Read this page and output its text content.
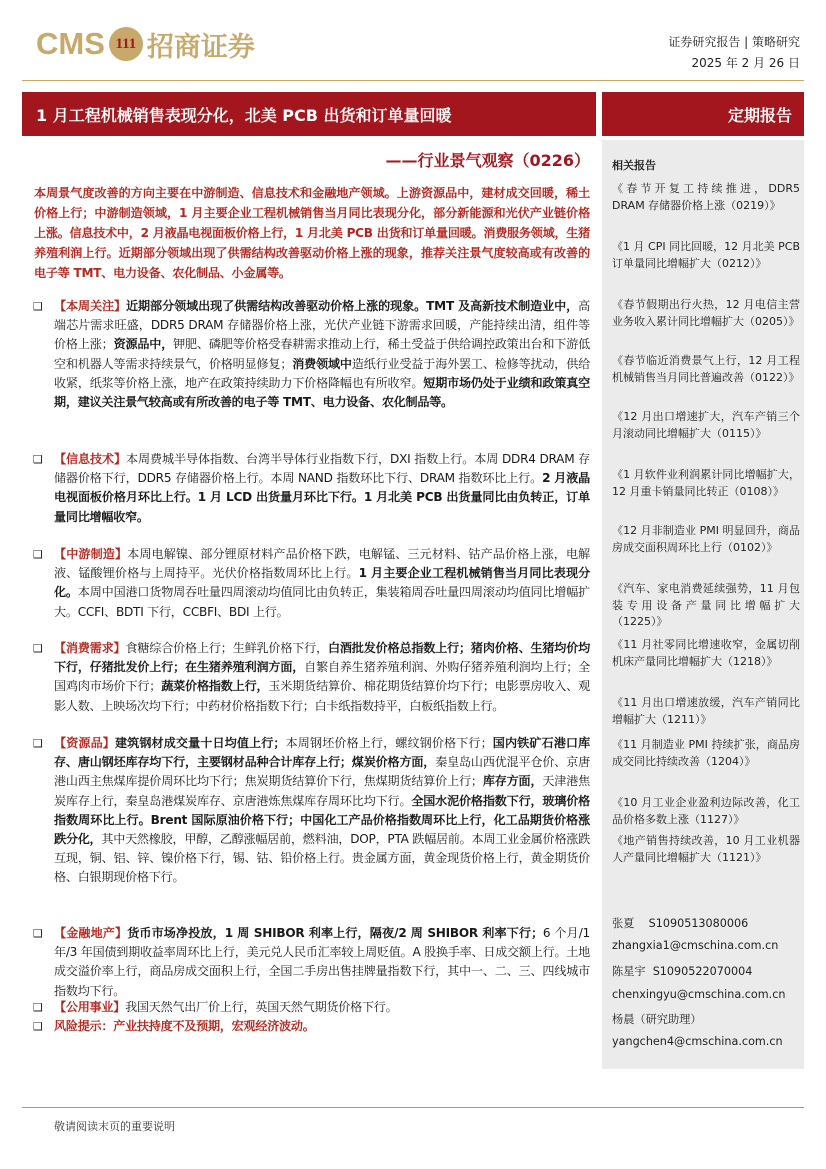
CMS 111 招商证券	证券研究报告 | 策略研究
2025 年 2 月 26 日
1 月工程机械销售表现分化，北美 PCB 出货和订单量回暖	定期报告
——行业景气观察（0226） 相关报告
《春节开复工持续推进，DDR5 DRAM 存储器价格上涨（0219）》
《1 月 CPI 同比回暖，12 月北美 PCB 订单量同比增幅扩大（0212）》
《春节假期出行火热，12 月电信主营业务收入累计同比增幅扩大（0205）》
《春节临近消费景气上行，12 月工程机械销售当月同比普遍改善（0122）》
《12 月出口增速扩大，汽车产销三个月滚动同比增幅扩大（0115）》
《1 月软件业利润累计同比增幅扩大，12 月重卡销量同比转正（0108）》
《12 月非制造业 PMI 明显回升，商品房成交面积周环比上行（0102）》
《汽车、家电消费延续强势，11 月包装专用设备产量同比增幅扩大（1225）》
《11 月社零同比增速收窄，金属切削机床产量同比增幅扩大（1218）》
《11 月出口增速放缓，汽车产销同比增幅扩大（1211）》
《11 月制造业 PMI 持续扩张，商品房成交同比持续改善（1204）》
《10 月工业企业盈利边际改善，化工品价格多数上涨（1127）》
《地产销售持续改善，10 月工业机器人产量同比增幅扩大（1121）》
张夏 S1090513080006
zhangxia1@cmschina.com.cn
陈星宇 S1090522070004
chenxingyu@cmschina.com.cn
杨晨（研究助理）
yangchen4@cmschina.com.cn
本周景气度改善的方向主要在中游制造、信息技术和金融地产领域。上游资源品中，建材成交回暖，稀土价格上行；中游制造领域，1 月主要企业工程机械销售当月同比表现分化，部分新能源和光伏产业链价格上涨。信息技术中，2 月液晶电视面板价格上行，1 月北美 PCB 出货和订单量回暖。消费服务领域，生猪养殖利润上行。近期部分领域出现了供需结构改善驱动价格上涨的现象，推荐关注景气度较高或有改善的电子等 TMT、电力设备、农化制品、小金属等。
❑ 【本周关注】近期部分领域出现了供需结构改善驱动价格上涨的现象。TMT 及高新技术制造业中，高端芯片需求旺盛，DDR5 DRAM 存储器价格上涨，光伏产业链下游需求回暖，产能持续出清，组件等价格上涨；资源品中，钾肥、磷肥等价格受春耕需求推动上行，稀土受益于供给调控政策出台和下游低空和机器人等需求持续景气，价格明显修复；消费领域中造纸行业受益于海外罢工、检修等扰动，供给收紧，纸浆等价格上涨，地产在政策持续助力下价格降幅也有所收窄。短期市场仍处于业绩和政策真空期，建议关注景气较高或有所改善的电子等 TMT、电力设备、农化制品等。
❑ 【信息技术】本周费城半导体指数、台湾半导体行业指数下行，DXI 指数上行。本周 DDR4 DRAM 存储器价格下行，DDR5 存储器价格上行。本周 NAND 指数环比下行、DRAM 指数环比上行。2 月液晶电视面板价格月环比上行。1 月 LCD 出货量月环比下行。1 月北美 PCB 出货量同比由负转正，订单量同比增幅收窄。
❑ 【中游制造】本周电解镍、部分锂原材料产品价格下跌，电解锰、三元材料、钴产品价格上涨，电解液、锰酸锂价格与上周持平。光伏价格指数周环比上行。1 月主要企业工程机械销售当月同比表现分化。本周中国港口货物周吞吐量四周滚动均值同比由负转正，集装箱周吞吐量四周滚动均值同比增幅扩大。CCFI、BDTI 下行，CCBFI、BDI 上行。
❑ 【消费需求】食糖综合价格上行；生鲜乳价格下行，白酒批发价格总指数上行；猪肉价格、生猪均价均下行，仔猪批发价上行；在生猪养殖利润方面，自繁自养生猪养殖利润、外购仔猪养殖利润均上行；全国鸡肉市场价下行；蔬菜价格指数上行，玉米期货结算价、棉花期货结算价均下行；电影票房收入、观影人数、上映场次均下行；中药材价格指数下行；白卡纸指数持平，白板纸指数上行。
❑ 【资源品】建筑钢材成交量十日均值上行；本周钢坯价格上行，螺纹钢价格下行；国内铁矿石港口库存、唐山钢坯库存均下行，主要钢材品种合计库存上行；煤炭价格方面，秦皇岛山西优混平仓价、京唐港山西主焦煤库提价周环比均下行；焦炭期货结算价下行，焦煤期货结算价上行；库存方面，天津港焦炭库存上行，秦皇岛港煤炭库存、京唐港炼焦煤库存周环比均下行。全国水泥价格指数下行，玻璃价格指数周环比上行。Brent 国际原油价格下行；中国化工产品价格指数周环比上行，化工品期货价格涨跌分化，其中天然橡胶，甲醇，乙醇涨幅居前，燃料油，DOP，PTA 跌幅居前。本周工业金属价格涨跌互现，铜、铝、锌、镍价格下行，锡、钴、铅价格上行。贵金属方面，黄金现货价格上行，黄金期货价格、白银期现价格下行。
❑ 【金融地产】货币市场净投放，1 周 SHIBOR 利率上行，隔夜/2 周 SHIBOR 利率下行；6 个月/1 年/3 年国债到期收益率周环比上行，美元兑人民币汇率较上周贬值。A 股换手率、日成交额上行。土地成交溢价率上行，商品房成交面积上行，全国二手房出售挂牌量指数下行，其中一、二、三、四线城市指数均下行。
❑ 【公用事业】我国天然气出厂价上行，英国天然气期货价格下行。
❑ 风险提示：产业扶持度不及预期，宏观经济波动。
敬请阅读末页的重要说明
